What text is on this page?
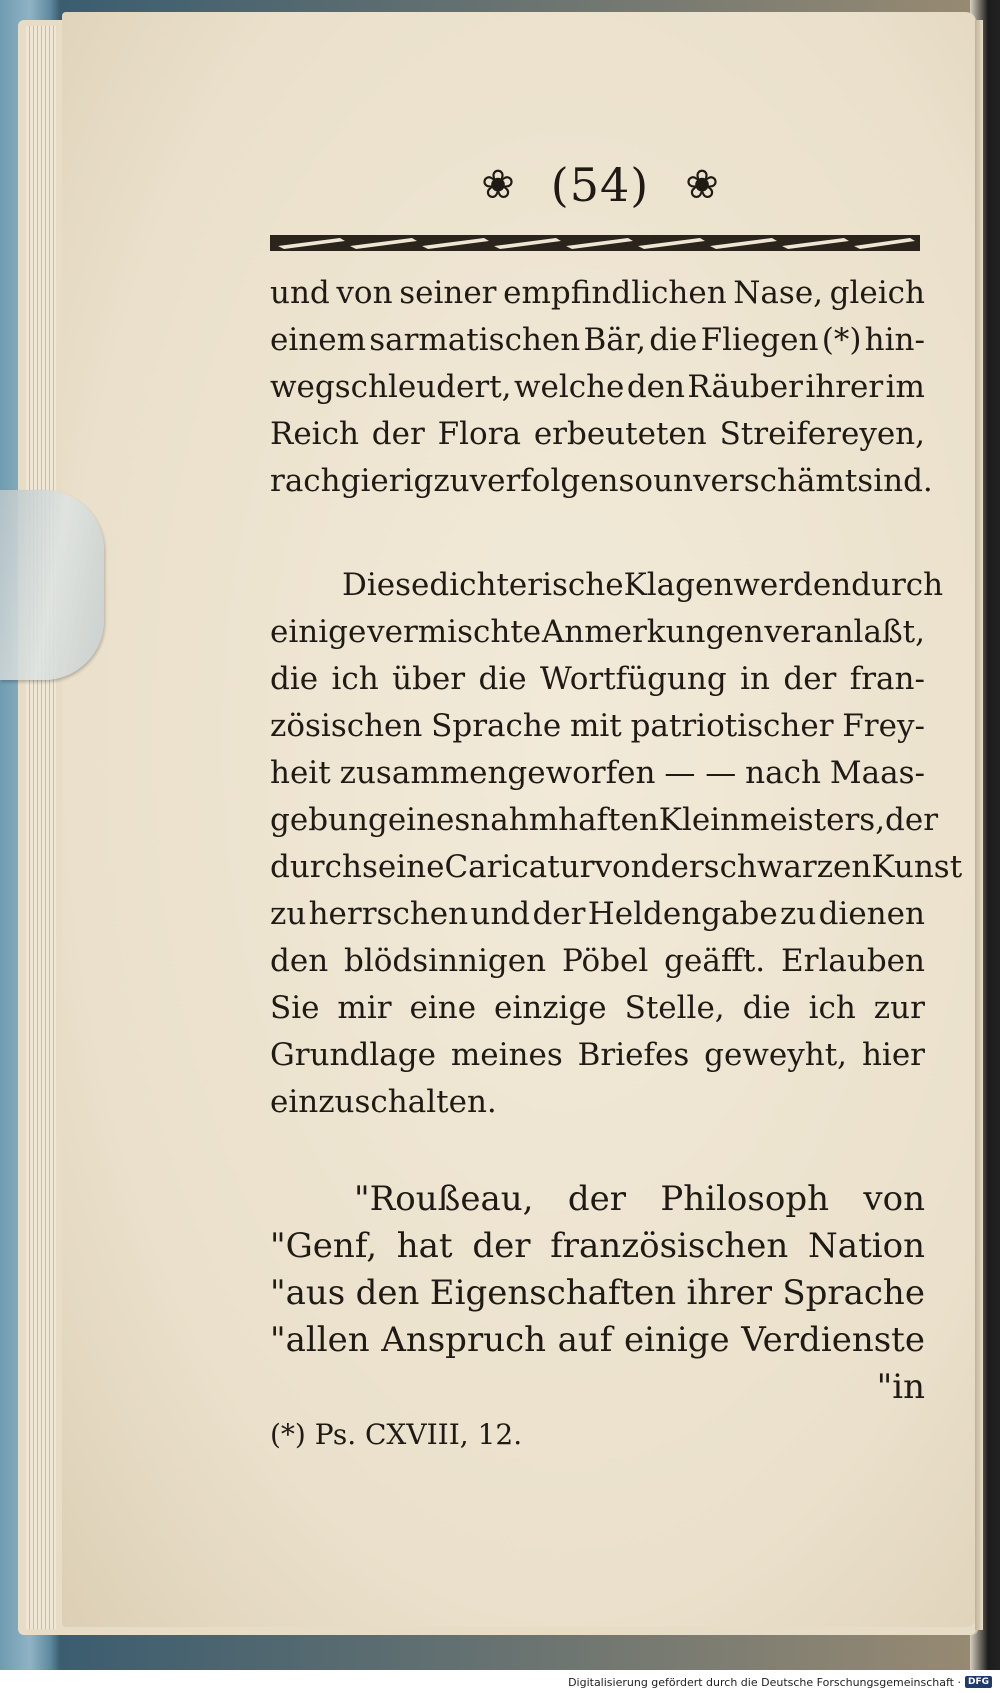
❀ (54) ❀
und von seiner empfindlichen Nase, gleich
einem sarmatischen Bär, die Fliegen (*) hin-
wegschleudert, welche den Räuber ihrer im
Reich der Flora erbeuteten Streifereyen,
rachgierig zu verfolgen so unverschämt sind.
Diese dichterische Klagen werden durch
einige vermischte Anmerkungen veranlaßt,
die ich über die Wortfügung in der fran-
zösischen Sprache mit patriotischer Frey-
heit zusammengeworfen — — nach Maas-
gebung eines nahmhaften Kleinmeisters, der
durch seine Caricatur von der schwarzen Kunst
zu herrschen und der Heldengabe zu dienen
den blödsinnigen Pöbel geäfft. Erlauben
Sie mir eine einzige Stelle, die ich zur
Grundlage meines Briefes geweyht, hier
einzuschalten.
"Roußeau, der Philosoph von
"Genf, hat der französischen Nation
"aus den Eigenschaften ihrer Sprache
"allen Anspruch auf einige Verdienste
"in
(*) Ps. CXVIII, 12.
Digitalisierung gefördert durch die Deutsche Forschungsgemeinschaft · DFG
